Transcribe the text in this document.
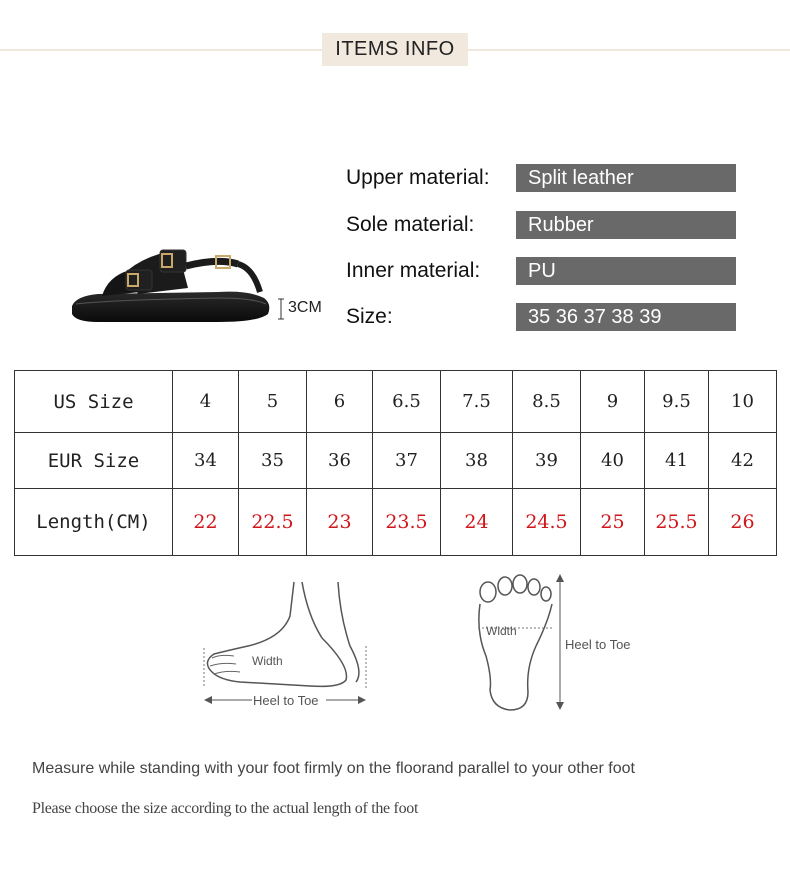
ITEMS INFO
3CM
Upper material:	Split leather
Sole material:	Rubber
Inner material:	PU
Size:	35 36 37 38 39
US Size	4	5	6	6.5	7.5	8.5	9	9.5	10
EUR Size	34	35	36	37	38	39	40	41	42
Length(CM)	22	22.5	23	23.5	24	24.5	25	25.5	26
Width
Heel to Toe
Width
Heel to Toe
Measure while standing with your foot firmly on the floorand parallel to your other foot
Please choose the size according to the actual length of the foot
